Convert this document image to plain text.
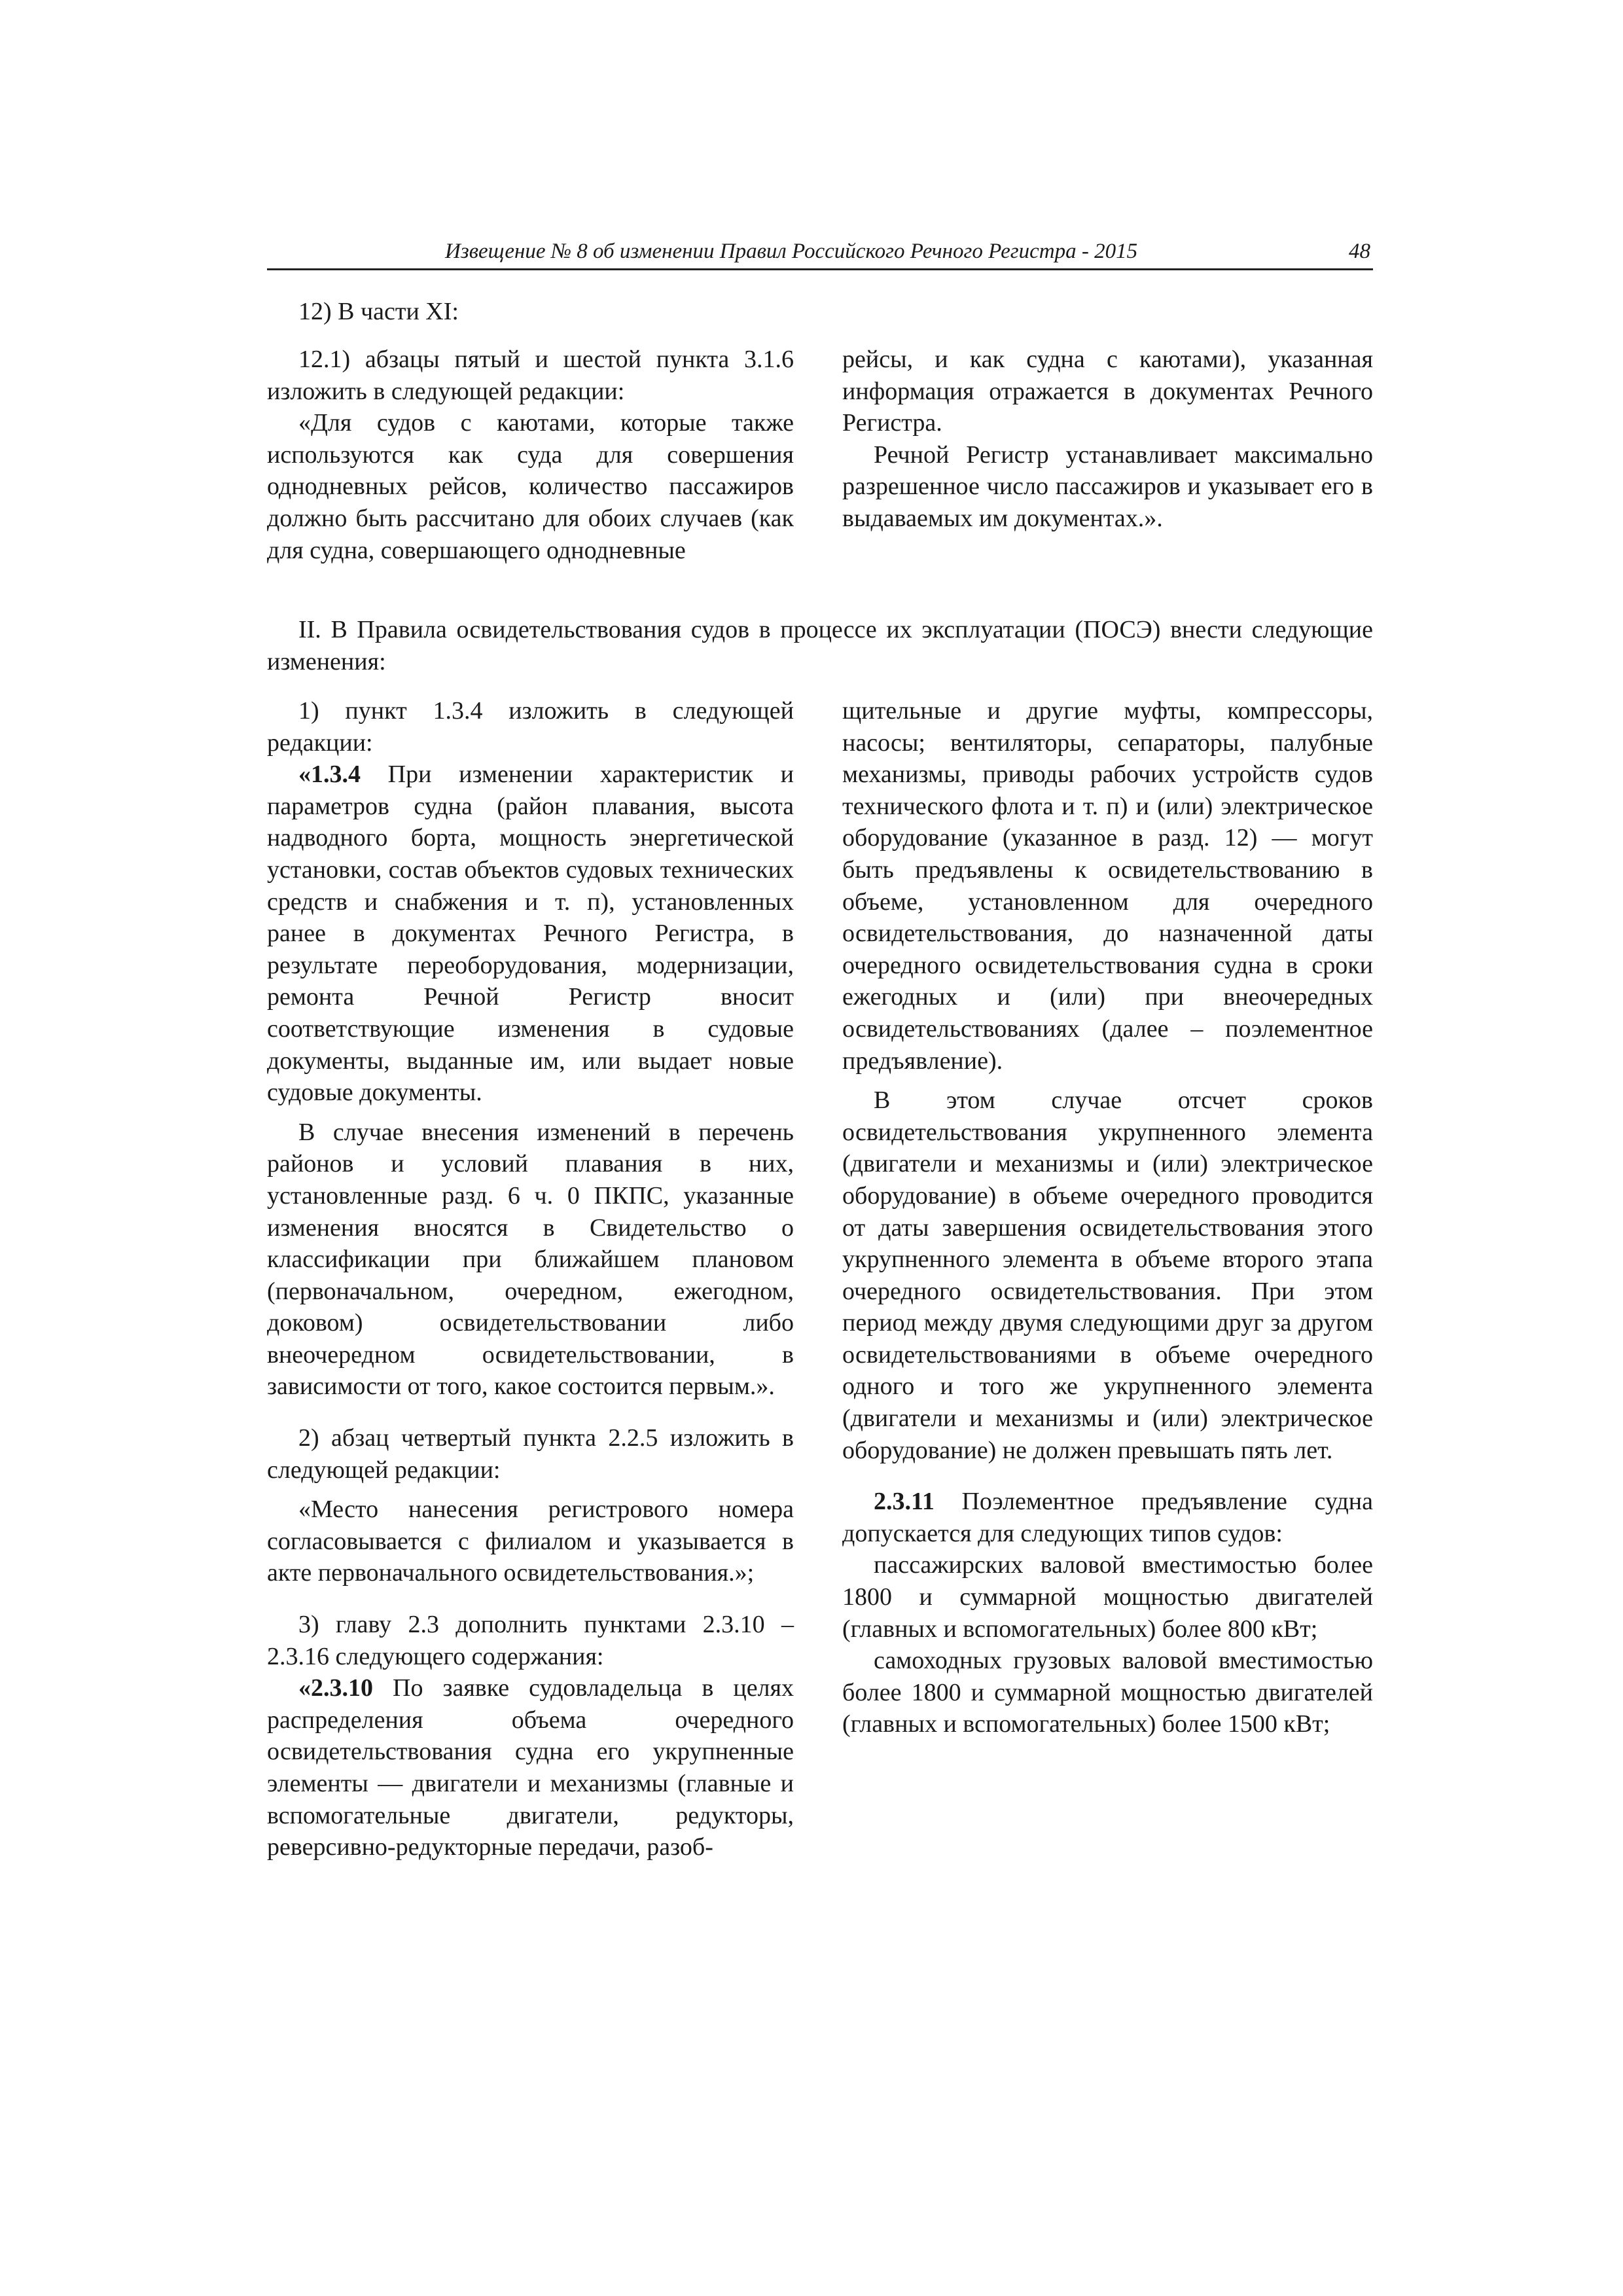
Извещение № 8 об изменении Правил Российского Речного Регистра - 2015	48

12) В части XI:

12.1) абзацы пятый и шестой пункта 3.1.6 изложить в следующей редакции:

«Для судов с каютами, которые также используются как суда для совершения однодневных рейсов, количество пассажиров должно быть рассчитано для обоих случаев (как для судна, совершающего однодневные

рейсы, и как судна с каютами), указанная информация отражается в документах Речного Регистра.

Речной Регистр устанавливает максимально разрешенное число пассажиров и указывает его в выдаваемых им документах.».

II. В Правила освидетельствования судов в процессе их эксплуатации (ПОСЭ) внести следующие изменения:

1) пункт 1.3.4 изложить в следующей редакции:

«1.3.4 При изменении характеристик и параметров судна (район плавания, высота надводного борта, мощность энергетической установки, состав объектов судовых технических средств и снабжения и т. п), установленных ранее в документах Речного Регистра, в результате переоборудования, модернизации, ремонта Речной Регистр вносит соответствующие изменения в судовые документы, выданные им, или выдает новые судовые документы.

В случае внесения изменений в перечень районов и условий плавания в них, установленные разд. 6 ч. 0 ПКПС, указанные изменения вносятся в Свидетельство о классификации при ближайшем плановом (первоначальном, очередном, ежегодном, доковом) освидетельствовании либо внеочередном освидетельствовании, в зависимости от того, какое состоится первым.».

2) абзац четвертый пункта 2.2.5 изложить в следующей редакции:

«Место нанесения регистрового номера согласовывается с филиалом и указывается в акте первоначального освидетельствования.»;

3) главу 2.3 дополнить пунктами 2.3.10 – 2.3.16 следующего содержания:

«2.3.10 По заявке судовладельца в целях распределения объема очередного освидетельствования судна его укрупненные элементы — двигатели и механизмы (главные и вспомогательные двигатели, редукторы, реверсивно-редукторные передачи, разоб-

щительные и другие муфты, компрессоры, насосы; вентиляторы, сепараторы, палубные механизмы, приводы рабочих устройств судов технического флота и т. п) и (или) электрическое оборудование (указанное в разд. 12) — могут быть предъявлены к освидетельствованию в объеме, установленном для очередного освидетельствования, до назначенной даты очередного освидетельствования судна в сроки ежегодных и (или) при внеочередных освидетельствованиях (далее – поэлементное предъявление).

В этом случае отсчет сроков освидетельствования укрупненного элемента (двигатели и механизмы и (или) электрическое оборудование) в объеме очередного проводится от даты завершения освидетельствования этого укрупненного элемента в объеме второго этапа очередного освидетельствования. При этом период между двумя следующими друг за другом освидетельствованиями в объеме очередного одного и того же укрупненного элемента (двигатели и механизмы и (или) электрическое оборудование) не должен превышать пять лет.

2.3.11 Поэлементное предъявление судна допускается для следующих типов судов:

пассажирских валовой вместимостью более 1800 и суммарной мощностью двигателей (главных и вспомогательных) более 800 кВт;

самоходных грузовых валовой вместимостью более 1800 и суммарной мощностью двигателей (главных и вспомогательных) более 1500 кВт;
